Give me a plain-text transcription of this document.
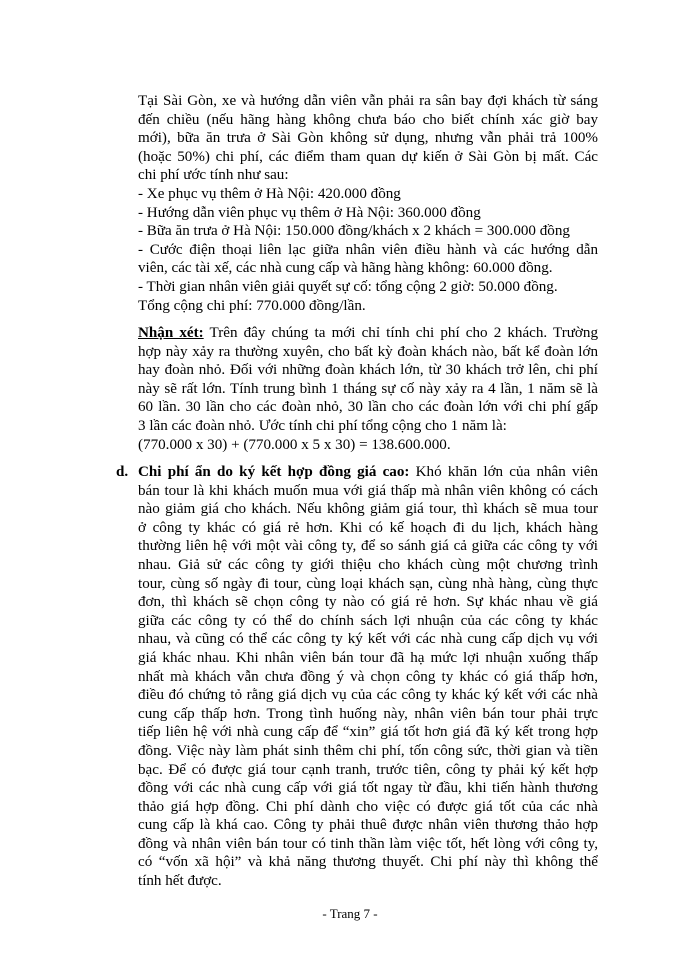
Tại Sài Gòn, xe và hướng dẫn viên vẫn phải ra sân bay đợi khách từ sáng
đến chiều (nếu hãng hàng không chưa báo cho biết chính xác giờ bay
mới), bữa ăn trưa ở Sài Gòn không sử dụng, nhưng vẫn phải trả 100%
(hoặc 50%) chi phí, các điểm tham quan dự kiến ở Sài Gòn bị mất. Các
chi phí ước tính như sau:

- Xe phục vụ thêm ở Hà Nội: 420.000 đồng
- Hướng dẫn viên phục vụ thêm ở Hà Nội: 360.000 đồng
- Bữa ăn trưa ở Hà Nội: 150.000 đồng/khách x 2 khách = 300.000 đồng
- Cước điện thoại liên lạc giữa nhân viên điều hành và các hướng dẫn
viên, các tài xế, các nhà cung cấp và hãng hàng không: 60.000 đồng.
- Thời gian nhân viên giải quyết sự cố: tổng cộng 2 giờ: 50.000 đồng.
Tổng cộng chi phí: 770.000 đồng/lần.

Nhận xét: Trên đây chúng ta mới chỉ tính chi phí cho 2 khách. Trường
hợp này xảy ra thường xuyên, cho bất kỳ đoàn khách nào, bất kể đoàn lớn
hay đoàn nhỏ. Đối với những đoàn khách lớn, từ 30 khách trở lên, chi phí
này sẽ rất lớn. Tính trung bình 1 tháng sự cố này xảy ra 4 lần, 1 năm sẽ là
60 lần. 30 lần cho các đoàn nhỏ, 30 lần cho các đoàn lớn với chi phí gấp
3 lần các đoàn nhỏ. Ước tính chi phí tổng cộng cho 1 năm là:
(770.000 x 30) + (770.000 x 5 x 30) = 138.600.000.

d. Chi phí ẩn do ký kết hợp đồng giá cao: Khó khăn lớn của nhân viên
bán tour là khi khách muốn mua với giá thấp mà nhân viên không có cách
nào giảm giá cho khách. Nếu không giảm giá tour, thì khách sẽ mua tour
ở công ty khác có giá rẻ hơn. Khi có kế hoạch đi du lịch, khách hàng
thường liên hệ với một vài công ty, để so sánh giá cả giữa các công ty với
nhau. Giả sử các công ty giới thiệu cho khách cùng một chương trình
tour, cùng số ngày đi tour, cùng loại khách sạn, cùng nhà hàng, cùng thực
đơn, thì khách sẽ chọn công ty nào có giá rẻ hơn. Sự khác nhau về giá
giữa các công ty có thể do chính sách lợi nhuận của các công ty khác
nhau, và cũng có thể các công ty ký kết với các nhà cung cấp dịch vụ với
giá khác nhau. Khi nhân viên bán tour đã hạ mức lợi nhuận xuống thấp
nhất mà khách vẫn chưa đồng ý và chọn công ty khác có giá thấp hơn,
điều đó chứng tỏ rằng giá dịch vụ của các công ty khác ký kết với các nhà
cung cấp thấp hơn. Trong tình huống này, nhân viên bán tour phải trực
tiếp liên hệ với nhà cung cấp để “xin” giá tốt hơn giá đã ký kết trong hợp
đồng. Việc này làm phát sinh thêm chi phí, tốn công sức, thời gian và tiền
bạc. Để có được giá tour cạnh tranh, trước tiên, công ty phải ký kết hợp
đồng với các nhà cung cấp với giá tốt ngay từ đầu, khi tiến hành thương
thảo giá hợp đồng. Chi phí dành cho việc có được giá tốt của các nhà
cung cấp là khá cao. Công ty phải thuê được nhân viên thương thảo hợp
đồng và nhân viên bán tour có tinh thần làm việc tốt, hết lòng với công ty,
có “vốn xã hội” và khả năng thương thuyết. Chi phí này thì không thể
tính hết được.

- Trang 7 -
